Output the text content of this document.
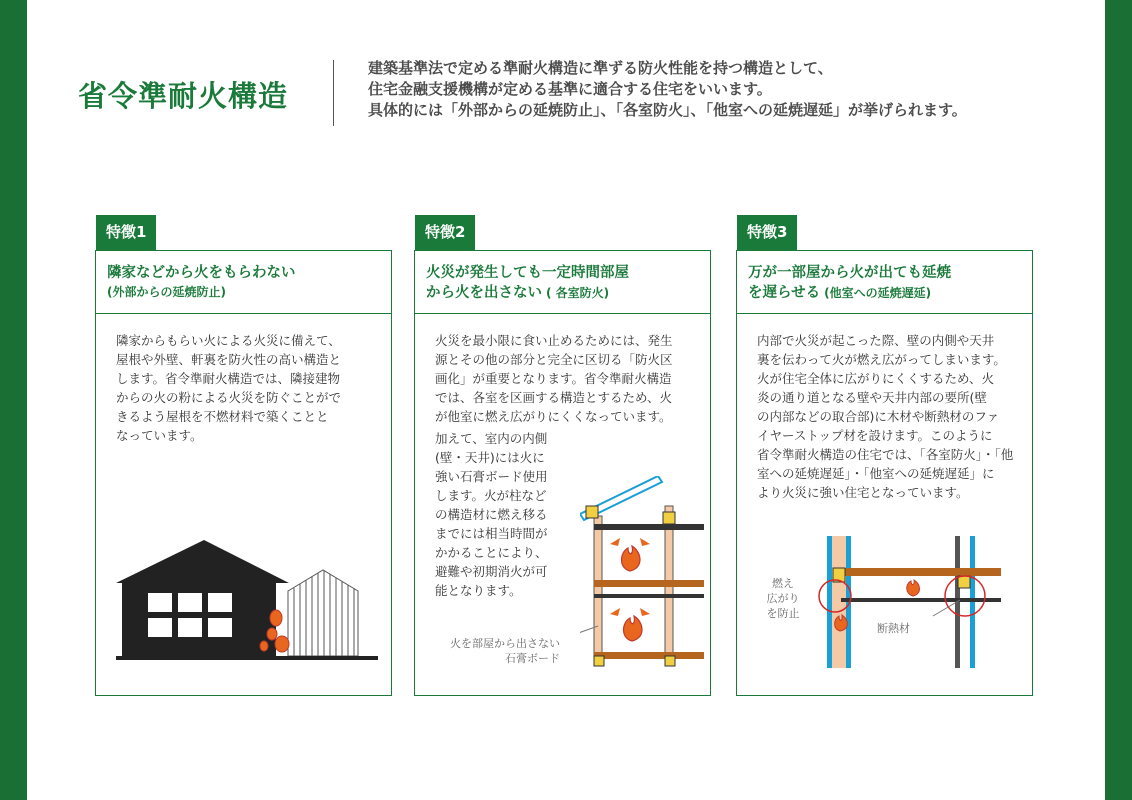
省令準耐火構造
建築基準法で定める準耐火構造に準ずる防火性能を持つ構造として、
住宅金融支援機構が定める基準に適合する住宅をいいます。
具体的には「外部からの延焼防止」、「各室防火」、「他室への延焼遅延」が挙げられます。
特徴1
隣家などから火をもらわない
(外部からの延焼防止)
隣家からもらい火による火災に備えて、
屋根や外壁、軒裏を防火性の高い構造と
します。省令準耐火構造では、隣接建物
からの火の粉による火災を防ぐことがで
きるよう屋根を不燃材料で築くことと
なっています。
特徴2
火災が発生しても一定時間部屋
から火を出さない ( 各室防火)
火災を最小限に食い止めるためには、発生
源とその他の部分と完全に区切る「防火区
画化」が重要となります。省令準耐火構造
では、各室を区画する構造とするため、火
が他室に燃え広がりにくくなっています。
加えて、室内の内側
(壁・天井)には火に
強い石膏ボード使用
します。火が柱など
の構造材に燃え移る
までには相当時間が
かかることにより、
避難や初期消火が可
能となります。
火を部屋から出さない
石膏ボード
特徴3
万が一部屋から火が出ても延焼
を遅らせる (他室への延焼遅延)
内部で火災が起こった際、壁の内側や天井
裏を伝わって火が燃え広がってしまいます。
火が住宅全体に広がりにくくするため、火
炎の通り道となる壁や天井内部の要所(壁
の内部などの取合部)に木材や断熱材のファ
イヤーストップ材を設けます。このように
省令準耐火構造の住宅では、「各室防火」・「他
室への延焼遅延」・「他室への延焼遅延」に
より火災に強い住宅となっています。
燃え
広がり
を防止
断熱材
